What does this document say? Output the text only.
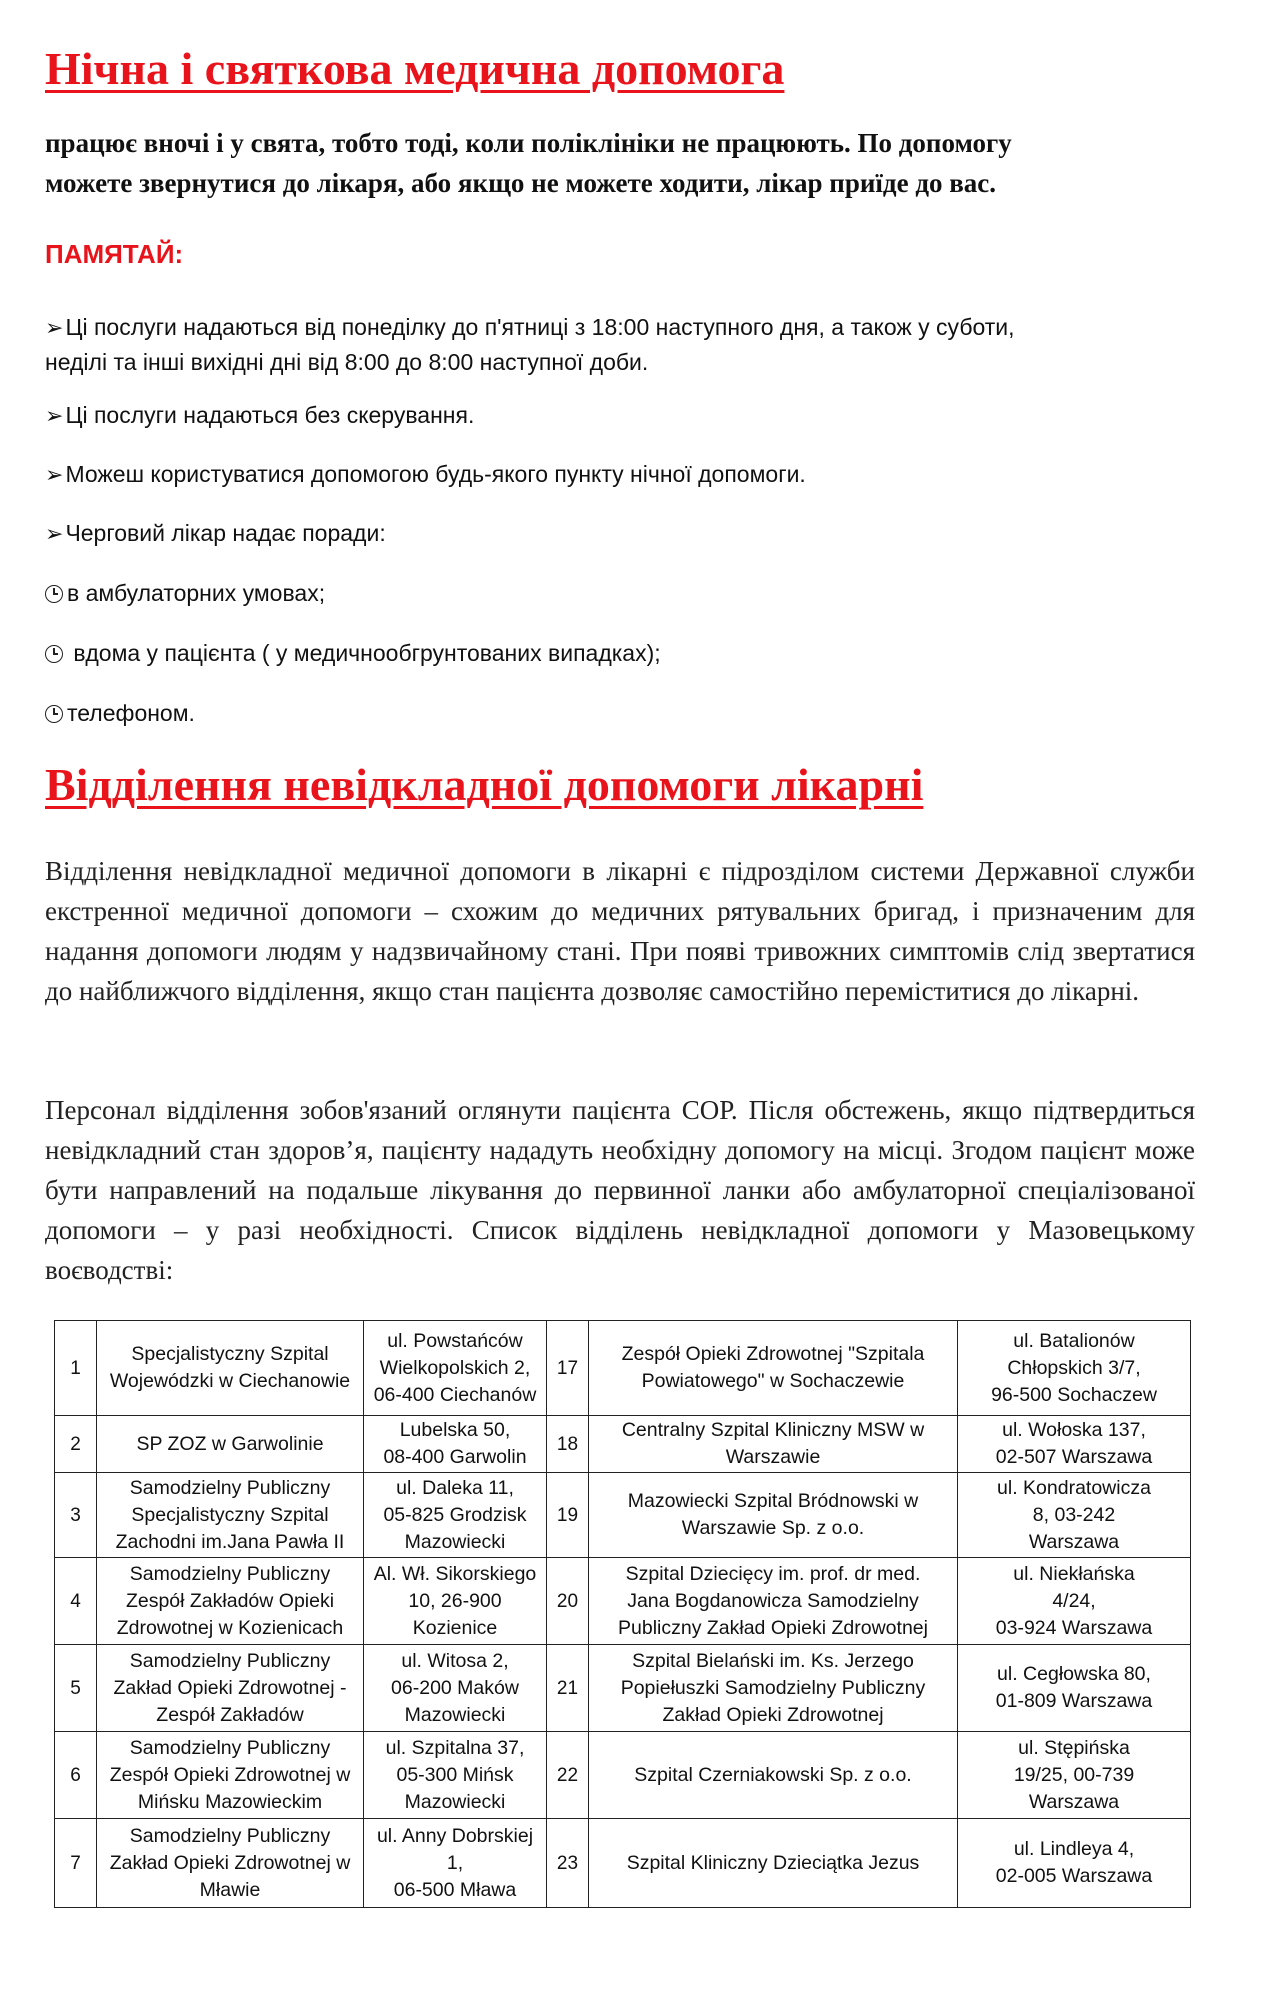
Нічна і святкова медична допомога

працює вночі і у свята, тобто тоді, коли поліклініки не працюють. По допомогу
можете звернутися до лікаря, або якщо не можете ходити, лікар приїде до вас.

ПАМЯТАЙ:

➢Ці послуги надаються від понеділку до п'ятниці з 18:00 наступного дня, а також у суботи,
неділі та інші вихідні дні від 8:00 до 8:00 наступної доби.

➢Ці послуги надаються без скерування.

➢Можеш користуватися допомогою будь-якого пункту нічної допомоги.

➢Черговий лікар надає поради:

в амбулаторних умовах;

вдома у пацієнта ( у медичнообгрунтованих випадках);

телефоном.

Відділення невідкладної допомоги лікарні

Відділення невідкладної медичної допомоги в лікарні є підрозділом системи Державної служби екстренної медичної допомоги – схожим до медичних рятувальних бригад, і призначеним для надання допомоги людям у надзвичайному стані. При появі тривожних симптомів слід звертатися до найближчого відділення, якщо стан пацієнта дозволяє самостійно переміститися до лікарні.

Персонал відділення зобов'язаний оглянути пацієнта СОР. Після обстежень, якщо підтвердиться невідкладний стан здоров’я, пацієнту нададуть необхідну допомогу на місці. Згодом пацієнт може бути направлений на подальше лікування до первинної ланки або амбулаторної спеціалізованої допомоги – у разі необхідності. Список відділень невідкладної допомоги у Мазовецькому воєводстві:

1	Specjalistyczny Szpital
Wojewódzki w Ciechanowie	ul. Powstańców
Wielkopolskich 2,
06-400 Ciechanów	17	Zespół Opieki Zdrowotnej "Szpitala
Powiatowego" w Sochaczewie	ul. Batalionów
Chłopskich 3/7,
96-500 Sochaczew
2	SP ZOZ w Garwolinie	Lubelska 50,
08-400 Garwolin	18	Centralny Szpital Kliniczny MSW w
Warszawie	ul. Wołoska 137,
02-507 Warszawa
3	Samodzielny Publiczny
Specjalistyczny Szpital
Zachodni im.Jana Pawła II	ul. Daleka 11,
05-825 Grodzisk
Mazowiecki	19	Mazowiecki Szpital Bródnowski w
Warszawie Sp. z o.o.	ul. Kondratowicza
8, 03-242
Warszawa
4	Samodzielny Publiczny
Zespół Zakładów Opieki
Zdrowotnej w Kozienicach	Al. Wł. Sikorskiego
10, 26-900 Kozienice	20	Szpital Dziecięcy im. prof. dr med.
Jana Bogdanowicza Samodzielny
Publiczny Zakład Opieki Zdrowotnej	ul. Niekłańska
4/24,
03-924 Warszawa
5	Samodzielny Publiczny
Zakład Opieki Zdrowotnej -
Zespół Zakładów	ul. Witosa 2,
06-200 Maków
Mazowiecki	21	Szpital Bielański im. Ks. Jerzego
Popiełuszki Samodzielny Publiczny
Zakład Opieki Zdrowotnej	ul. Cegłowska 80,
01-809 Warszawa
6	Samodzielny Publiczny
Zespół Opieki Zdrowotnej w
Mińsku Mazowieckim	ul. Szpitalna 37,
05-300 Mińsk
Mazowiecki	22	Szpital Czerniakowski Sp. z o.o.	ul. Stępińska
19/25, 00-739
Warszawa
7	Samodzielny Publiczny
Zakład Opieki Zdrowotnej w
Mławie	ul. Anny Dobrskiej 1,
06-500 Mława	23	Szpital Kliniczny Dzieciątka Jezus	ul. Lindleya 4,
02-005 Warszawa
